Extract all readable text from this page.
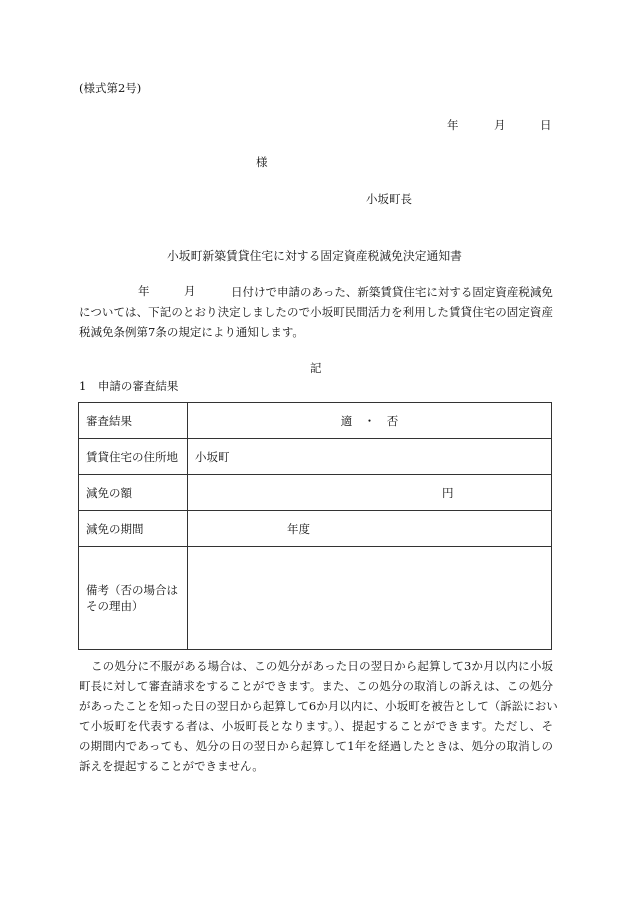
(様式第2号)
年	月	日
様
小坂町長
小坂町新築賃貸住宅に対する固定資産税減免決定通知書
年	月	日付けで申請のあった、新築賃貸住宅に対する固定資産税減免
については、下記のとおり決定しましたので小坂町民間活力を利用した賃貸住宅の固定資産
税減免条例第7条の規定により通知します。
記
1　申請の審査結果
審査結果	適　・　否
賃貸住宅の住所地	小坂町
減免の額	円
減免の期間	年度
備考（否の場合はその理由）	
この処分に不服がある場合は、この処分があった日の翌日から起算して3か月以内に小坂
町長に対して審査請求をすることができます。また、この処分の取消しの訴えは、この処分
があったことを知った日の翌日から起算して6か月以内に、小坂町を被告として（訴訟におい
て小坂町を代表する者は、小坂町長となります。）、提起することができます。ただし、そ
の期間内であっても、処分の日の翌日から起算して1年を経過したときは、処分の取消しの
訴えを提起することができません。
